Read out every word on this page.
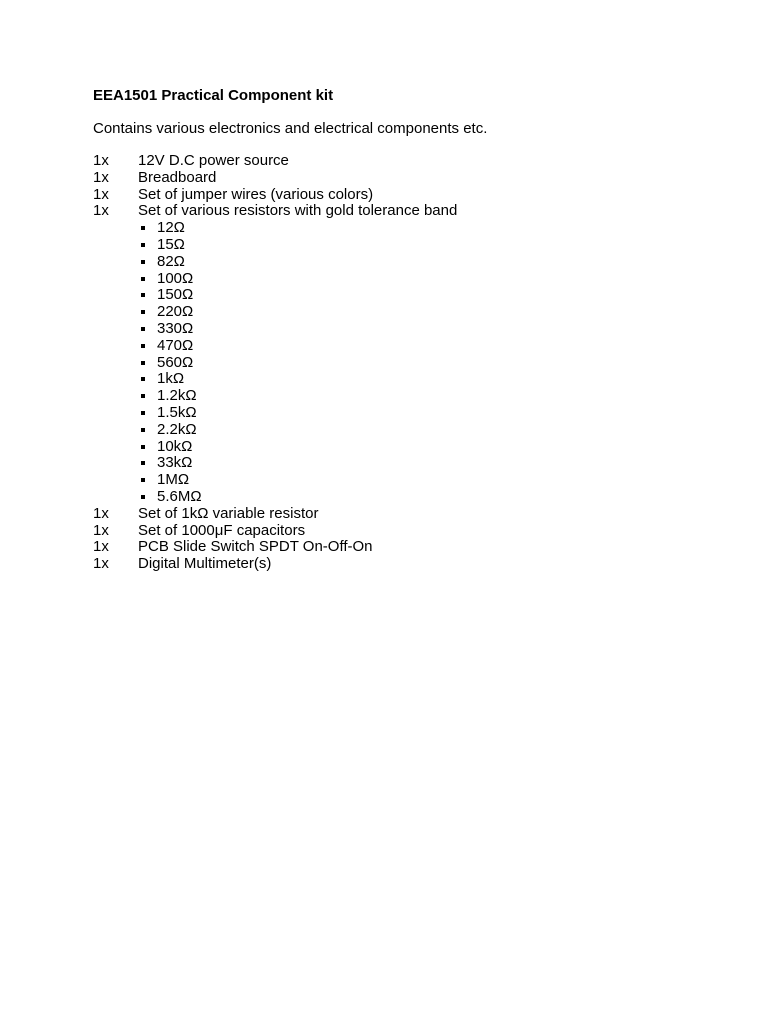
EEA1501 Practical Component kit
Contains various electronics and electrical components etc.
1x 12V D.C power source
1x Breadboard
1x Set of jumper wires (various colors)
1x Set of various resistors with gold tolerance band
12Ω
15Ω
82Ω
100Ω
150Ω
220Ω
330Ω
470Ω
560Ω
1kΩ
1.2kΩ
1.5kΩ
2.2kΩ
10kΩ
33kΩ
1MΩ
5.6MΩ
1x Set of 1kΩ variable resistor
1x Set of 1000μF capacitors
1x PCB Slide Switch SPDT On-Off-On
1x Digital Multimeter(s)
